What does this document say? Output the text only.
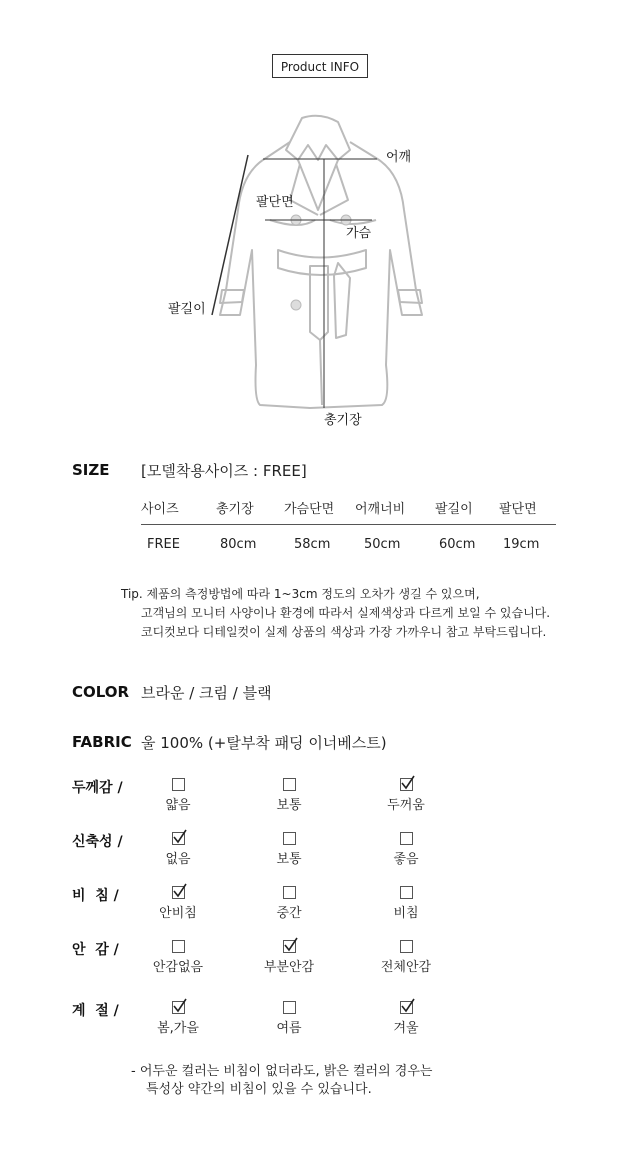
Product INFO
어깨
팔단면
가슴
팔길이
총기장
SIZE [모델착용사이즈 : FREE]
사이즈	총기장	가슴단면	어깨너비	팔길이	팔단면
FREE	80cm	58cm	50cm	60cm	19cm
Tip. 제품의 측정방법에 따라 1~3cm 정도의 오차가 생길 수 있으며,
고객님의 모니터 사양이나 환경에 따라서 실제색상과 다르게 보일 수 있습니다.
코디컷보다 디테일컷이 실제 상품의 색상과 가장 가까우니 참고 부탁드립니다.
COLOR 브라운 / 크림 / 블랙
FABRIC 울 100% (+탈부착 패딩 이너베스트)
두께감 /
얇음	보통	두꺼움
신축성 /
없음	보통	좋음
비  침 /
안비침	중간	비침
안  감 /
안감없음	부분안감	전체안감
계  절 /
봄,가을	여름	겨울
- 어두운 컬러는 비침이 없더라도, 밝은 컬러의 경우는
특성상 약간의 비침이 있을 수 있습니다.
